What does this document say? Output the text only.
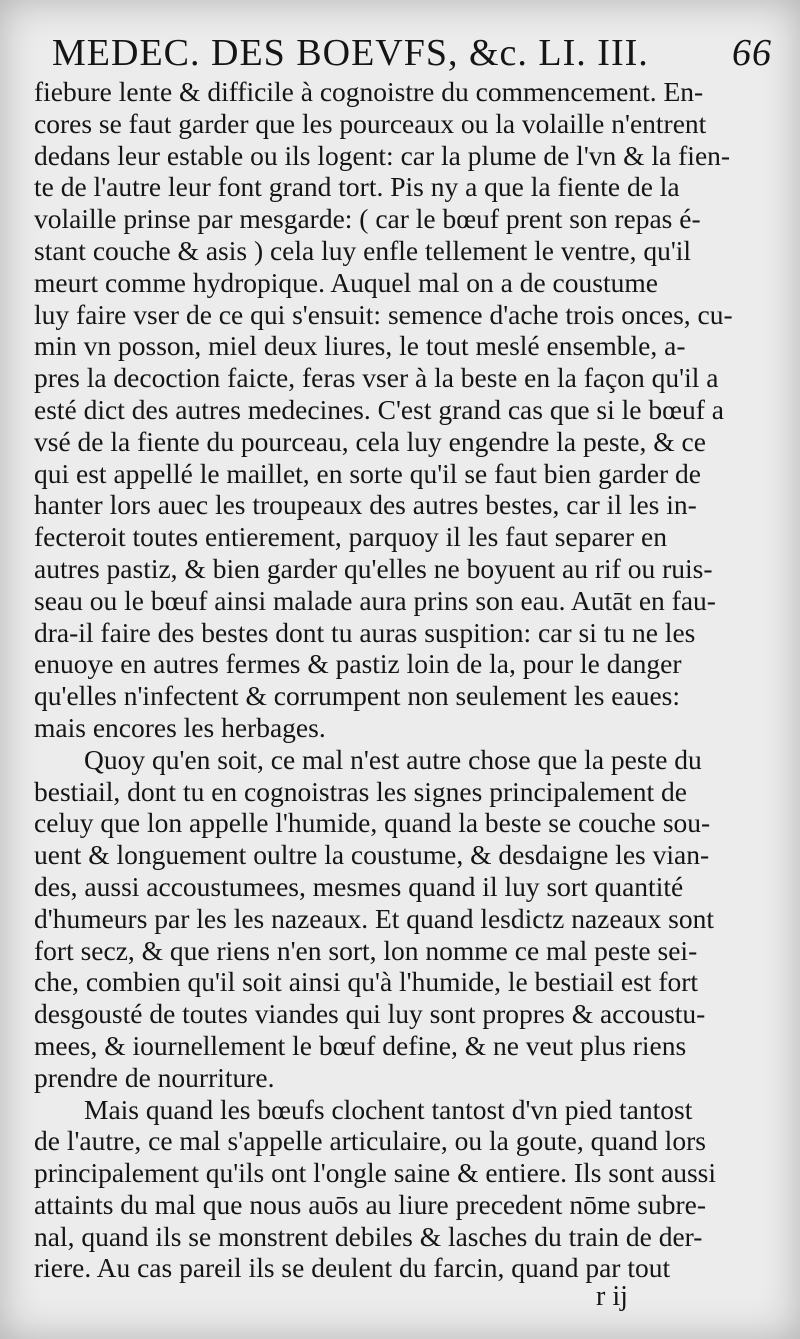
MEDEC. DES BOEVFS, &c. LI. III. 66
fiebure lente & difficile à cognoistre du commencement. En-
cores se faut garder que les pourceaux ou la volaille n'entrent
dedans leur estable ou ils logent: car la plume de l'vn & la fien-
te de l'autre leur font grand tort. Pis ny a que la fiente de la
volaille prinse par mesgarde: ( car le bœuf prent son repas é-
stant couche & asis ) cela luy enfle tellement le ventre, qu'il
meurt comme hydropique. Auquel mal on a de coustume
luy faire vser de ce qui s'ensuit: semence d'ache trois onces, cu-
min vn posson, miel deux liures, le tout meslé ensemble, a-
pres la decoction faicte, feras vser à la beste en la façon qu'il a
esté dict des autres medecines. C'est grand cas que si le bœuf a
vsé de la fiente du pourceau, cela luy engendre la peste, & ce
qui est appellé le maillet, en sorte qu'il se faut bien garder de
hanter lors auec les troupeaux des autres bestes, car il les in-
fecteroit toutes entierement, parquoy il les faut separer en
autres pastiz, & bien garder qu'elles ne boyuent au rif ou ruis-
seau ou le bœuf ainsi malade aura prins son eau. Autāt en fau-
dra-il faire des bestes dont tu auras suspition: car si tu ne les
enuoye en autres fermes & pastiz loin de la, pour le danger
qu'elles n'infectent & corrumpent non seulement les eaues:
mais encores les herbages.
Quoy qu'en soit, ce mal n'est autre chose que la peste du
bestiail, dont tu en cognoistras les signes principalement de
celuy que lon appelle l'humide, quand la beste se couche sou-
uent & longuement oultre la coustume, & desdaigne les vian-
des, aussi accoustumees, mesmes quand il luy sort quantité
d'humeurs par les les nazeaux. Et quand lesdictz nazeaux sont
fort secz, & que riens n'en sort, lon nomme ce mal peste sei-
che, combien qu'il soit ainsi qu'à l'humide, le bestiail est fort
desgousté de toutes viandes qui luy sont propres & accoustu-
mees, & iournellement le bœuf define, & ne veut plus riens
prendre de nourriture.
Mais quand les bœufs clochent tantost d'vn pied tantost
de l'autre, ce mal s'appelle articulaire, ou la goute, quand lors
principalement qu'ils ont l'ongle saine & entiere. Ils sont aussi
attaints du mal que nous auōs au liure precedent nōme subre-
nal, quand ils se monstrent debiles & lasches du train de der-
riere. Au cas pareil ils se deulent du farcin, quand par tout
r ij
